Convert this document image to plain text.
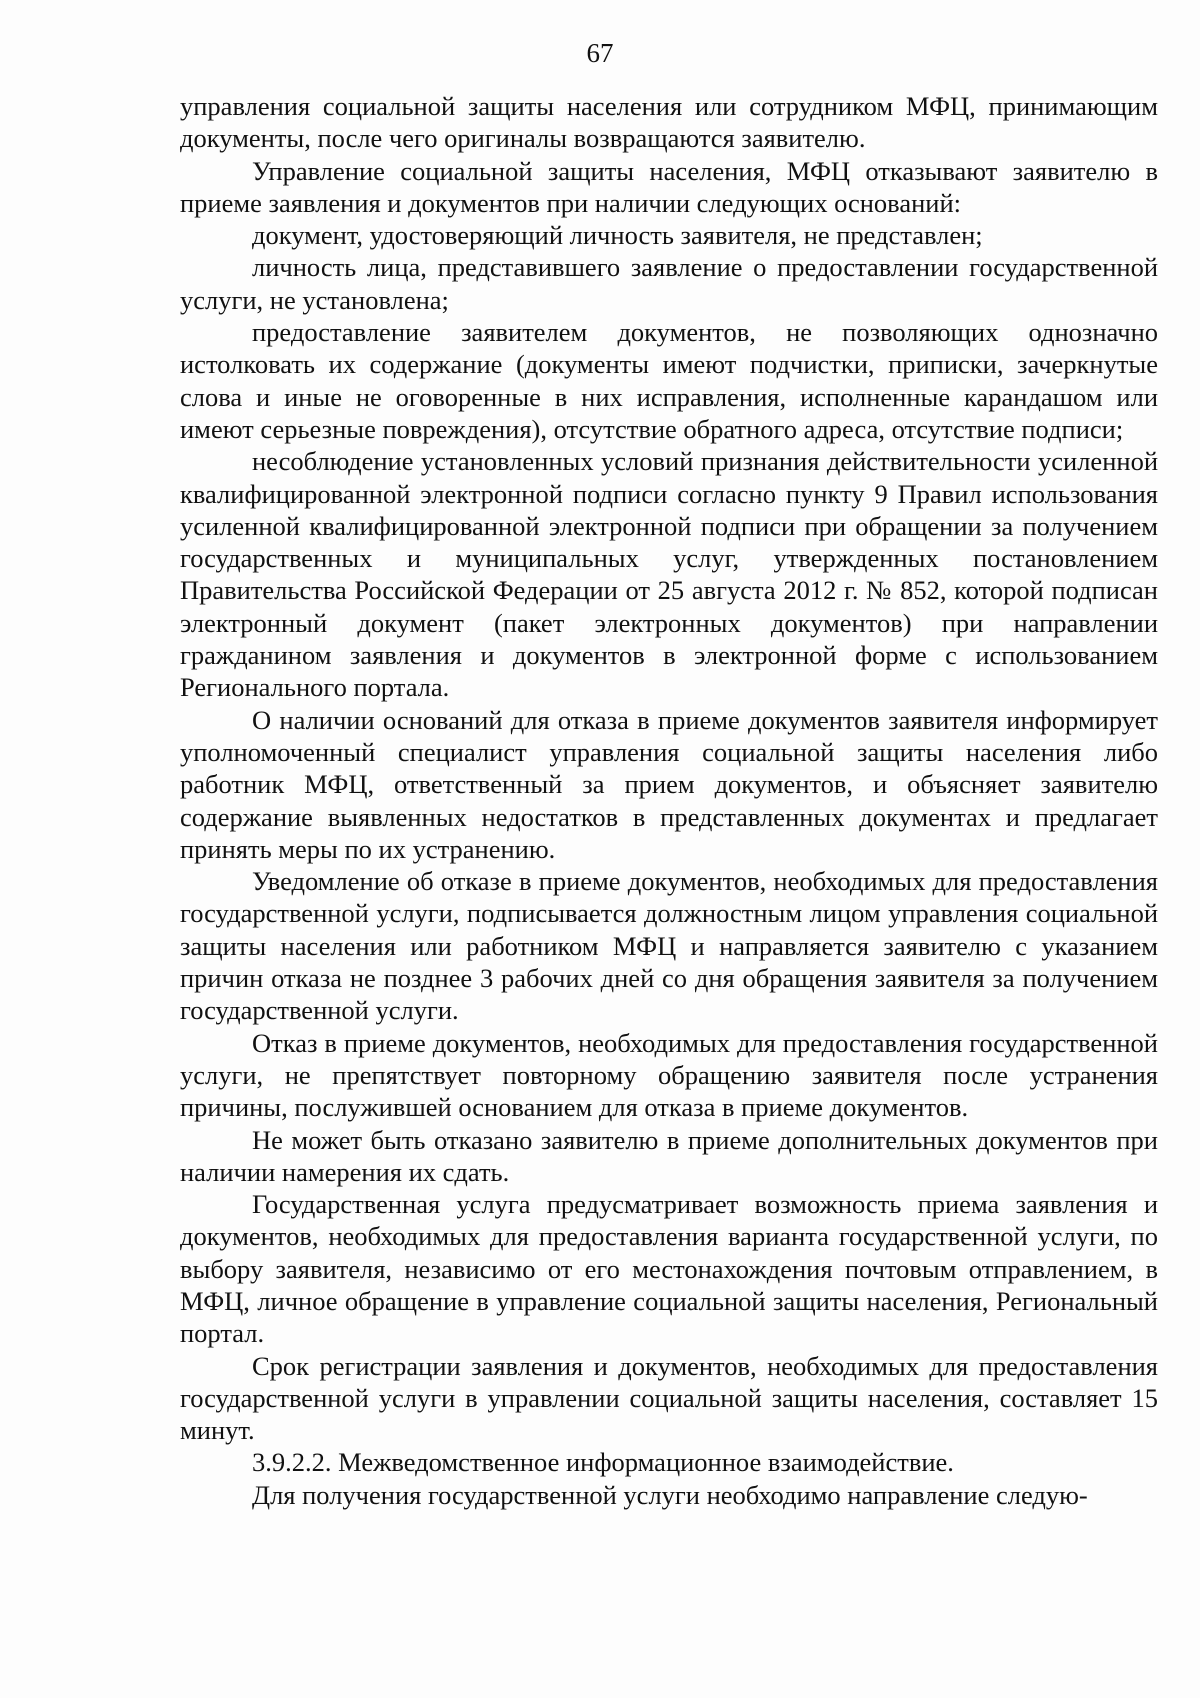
67

управления социальной защиты населения или сотрудником МФЦ, принимающим документы, после чего оригиналы возвращаются заявителю.

Управление социальной защиты населения, МФЦ отказывают заявителю в приеме заявления и документов при наличии следующих оснований:

документ, удостоверяющий личность заявителя, не представлен;

личность лица, представившего заявление о предоставлении государственной услуги, не установлена;

предоставление заявителем документов, не позволяющих однозначно истолковать их содержание (документы имеют подчистки, приписки, зачеркнутые слова и иные не оговоренные в них исправления, исполненные карандашом или имеют серьезные повреждения), отсутствие обратного адреса, отсутствие подписи;

несоблюдение установленных условий признания действительности усиленной квалифицированной электронной подписи согласно пункту 9 Правил использования усиленной квалифицированной электронной подписи при обращении за получением государственных и муниципальных услуг, утвержденных постановлением Правительства Российской Федерации от 25 августа 2012 г. № 852, которой подписан электронный документ (пакет электронных документов) при направлении гражданином заявления и документов в электронной форме с использованием Регионального портала.

О наличии оснований для отказа в приеме документов заявителя информирует уполномоченный специалист управления социальной защиты населения либо работник МФЦ, ответственный за прием документов, и объясняет заявителю содержание выявленных недостатков в представленных документах и предлагает принять меры по их устранению.

Уведомление об отказе в приеме документов, необходимых для предоставления государственной услуги, подписывается должностным лицом управления социальной защиты населения или работником МФЦ и направляется заявителю с указанием причин отказа не позднее 3 рабочих дней со дня обращения заявителя за получением государственной услуги.

Отказ в приеме документов, необходимых для предоставления государственной услуги, не препятствует повторному обращению заявителя после устранения причины, послужившей основанием для отказа в приеме документов.

Не может быть отказано заявителю в приеме дополнительных документов при наличии намерения их сдать.

Государственная услуга предусматривает возможность приема заявления и документов, необходимых для предоставления варианта государственной услуги, по выбору заявителя, независимо от его местонахождения почтовым отправлением, в МФЦ, личное обращение в управление социальной защиты населения, Региональный портал.

Срок регистрации заявления и документов, необходимых для предоставления государственной услуги в управлении социальной защиты населения, составляет 15 минут.

3.9.2.2. Межведомственное информационное взаимодействие.

Для получения государственной услуги необходимо направление следую-
